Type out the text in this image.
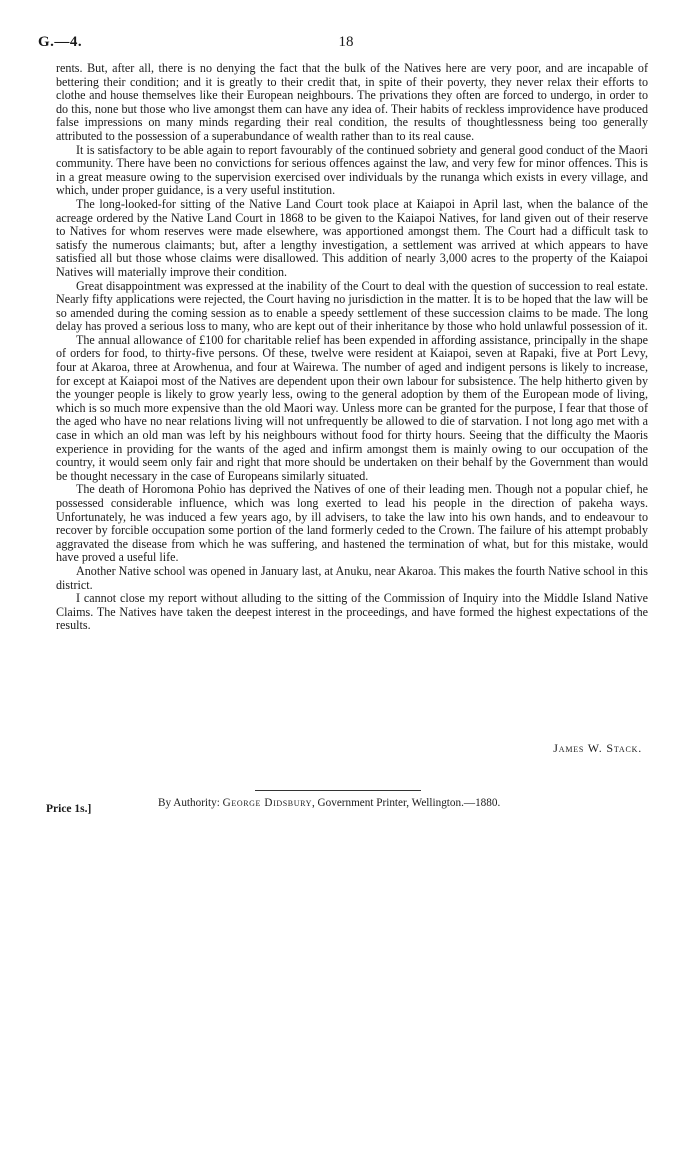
G.—4.	18

rents. But, after all, there is no denying the fact that the bulk of the Natives here are very poor, and are incapable of bettering their condition; and it is greatly to their credit that, in spite of their poverty, they never relax their efforts to clothe and house themselves like their European neighbours. The privations they often are forced to undergo, in order to do this, none but those who live amongst them can have any idea of. Their habits of reckless improvidence have produced false impressions on many minds regarding their real condition, the results of thoughtlessness being too generally attributed to the possession of a superabundance of wealth rather than to its real cause.

It is satisfactory to be able again to report favourably of the continued sobriety and general good conduct of the Maori community. There have been no convictions for serious offences against the law, and very few for minor offences. This is in a great measure owing to the supervision exercised over individuals by the runanga which exists in every village, and which, under proper guidance, is a very useful institution.

The long-looked-for sitting of the Native Land Court took place at Kaiapoi in April last, when the balance of the acreage ordered by the Native Land Court in 1868 to be given to the Kaiapoi Natives, for land given out of their reserve to Natives for whom reserves were made elsewhere, was apportioned amongst them. The Court had a difficult task to satisfy the numerous claimants; but, after a lengthy investigation, a settlement was arrived at which appears to have satisfied all but those whose claims were disallowed. This addition of nearly 3,000 acres to the property of the Kaiapoi Natives will materially improve their condition.

Great disappointment was expressed at the inability of the Court to deal with the question of succession to real estate. Nearly fifty applications were rejected, the Court having no jurisdiction in the matter. It is to be hoped that the law will be so amended during the coming session as to enable a speedy settlement of these succession claims to be made. The long delay has proved a serious loss to many, who are kept out of their inheritance by those who hold unlawful possession of it.

The annual allowance of £100 for charitable relief has been expended in affording assistance, principally in the shape of orders for food, to thirty-five persons. Of these, twelve were resident at Kaiapoi, seven at Rapaki, five at Port Levy, four at Akaroa, three at Arowhenua, and four at Wairewa. The number of aged and indigent persons is likely to increase, for except at Kaiapoi most of the Natives are dependent upon their own labour for subsistence. The help hitherto given by the younger people is likely to grow yearly less, owing to the general adoption by them of the European mode of living, which is so much more expensive than the old Maori way. Unless more can be granted for the purpose, I fear that those of the aged who have no near relations living will not unfrequently be allowed to die of starvation. I not long ago met with a case in which an old man was left by his neighbours without food for thirty hours. Seeing that the difficulty the Maoris experience in providing for the wants of the aged and infirm amongst them is mainly owing to our occupation of the country, it would seem only fair and right that more should be undertaken on their behalf by the Government than would be thought necessary in the case of Europeans similarly situated.

The death of Horomona Pohio has deprived the Natives of one of their leading men. Though not a popular chief, he possessed considerable influence, which was long exerted to lead his people in the direction of pakeha ways. Unfortunately, he was induced a few years ago, by ill advisers, to take the law into his own hands, and to endeavour to recover by forcible occupation some portion of the land formerly ceded to the Crown. The failure of his attempt probably aggravated the disease from which he was suffering, and hastened the termination of what, but for this mistake, would have proved a useful life.

Another Native school was opened in January last, at Anuku, near Akaroa. This makes the fourth Native school in this district.

I cannot close my report without alluding to the sitting of the Commission of Inquiry into the Middle Island Native Claims. The Natives have taken the deepest interest in the proceedings, and have formed the highest expectations of the results.

James W. Stack.
By Authority: George Didsbury, Government Printer, Wellington.—1880.
Price 1s.]
